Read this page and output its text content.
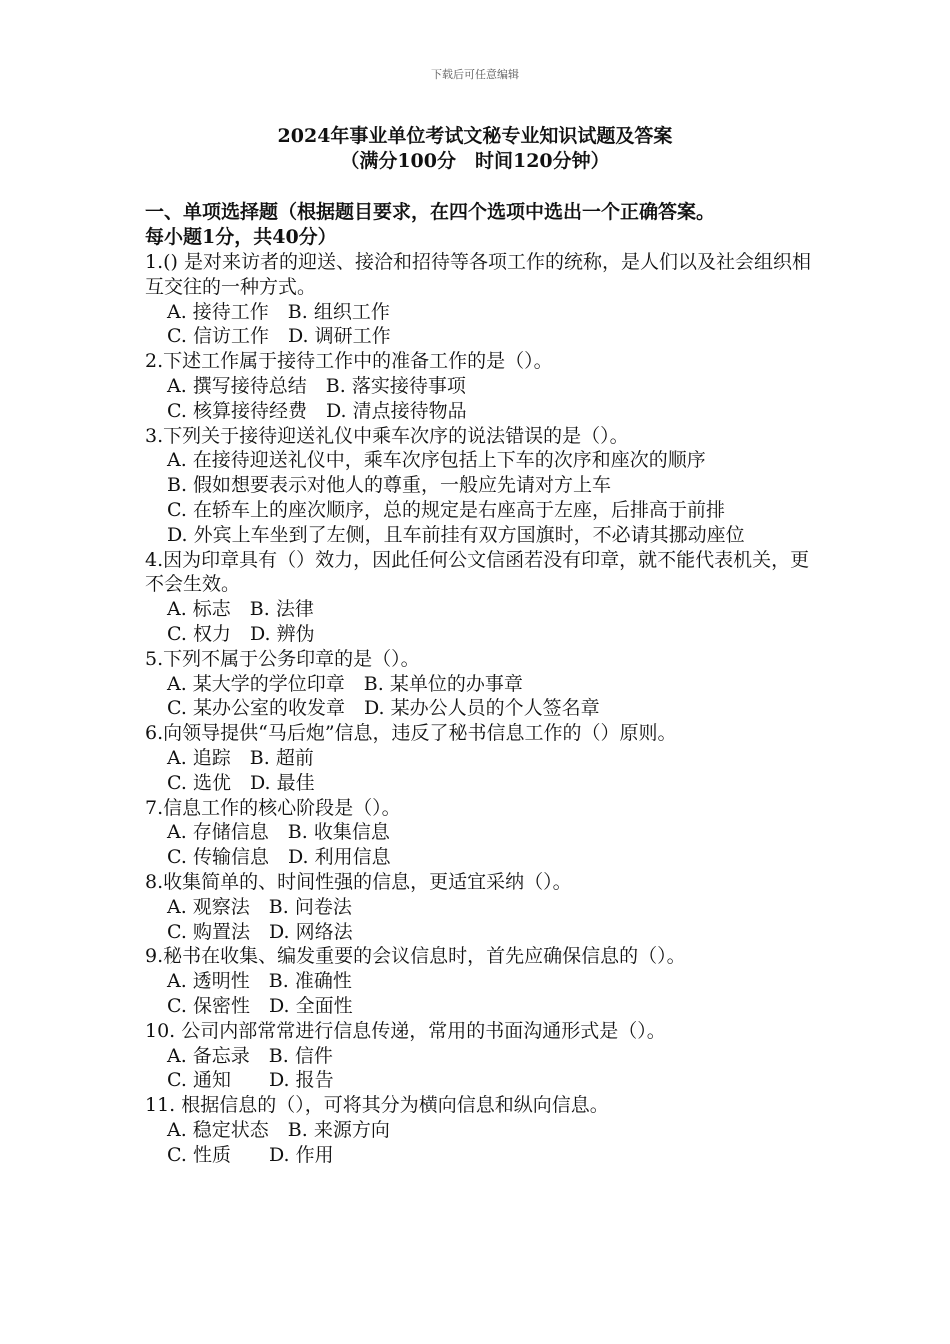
下载后可任意编辑
2024年事业单位考试文秘专业知识试题及答案
（满分100分　时间120分钟）
一、单项选择题（根据题目要求，在四个选项中选出一个正确答案。
每小题1分，共40分）

1.() 是对来访者的迎送、接洽和招待等各项工作的统称，是人们以及社会组织相互交往的一种方式。

A. 接待工作　B. 组织工作

C. 信访工作　D. 调研工作

2.下述工作属于接待工作中的准备工作的是（）。

A. 撰写接待总结　B. 落实接待事项

C. 核算接待经费　D. 清点接待物品

3.下列关于接待迎送礼仪中乘车次序的说法错误的是（）。

A. 在接待迎送礼仪中，乘车次序包括上下车的次序和座次的顺序

B. 假如想要表示对他人的尊重，一般应先请对方上车

C. 在轿车上的座次顺序，总的规定是右座高于左座，后排高于前排

D. 外宾上车坐到了左侧，且车前挂有双方国旗时，不必请其挪动座位

4.因为印章具有（）效力，因此任何公文信函若没有印章，就不能代表机关，更不会生效。

A. 标志　B. 法律

C. 权力　D. 辨伪

5.下列不属于公务印章的是（）。

A. 某大学的学位印章　B. 某单位的办事章

C. 某办公室的收发章　D. 某办公人员的个人签名章

6.向领导提供“马后炮”信息，违反了秘书信息工作的（）原则。

A. 追踪　B. 超前

C. 选优　D. 最佳

7.信息工作的核心阶段是（）。

A. 存储信息　B. 收集信息

C. 传输信息　D. 利用信息

8.收集简单的、时间性强的信息，更适宜采纳（）。

A. 观察法　B. 问卷法

C. 购置法　D. 网络法

9.秘书在收集、编发重要的会议信息时，首先应确保信息的（）。

A. 透明性　B. 准确性

C. 保密性　D. 全面性

10. 公司内部常常进行信息传递，常用的书面沟通形式是（）。

A. 备忘录　B. 信件

C. 通知　　D. 报告

11. 根据信息的（），可将其分为横向信息和纵向信息。

A. 稳定状态　B. 来源方向

C. 性质　　D. 作用
